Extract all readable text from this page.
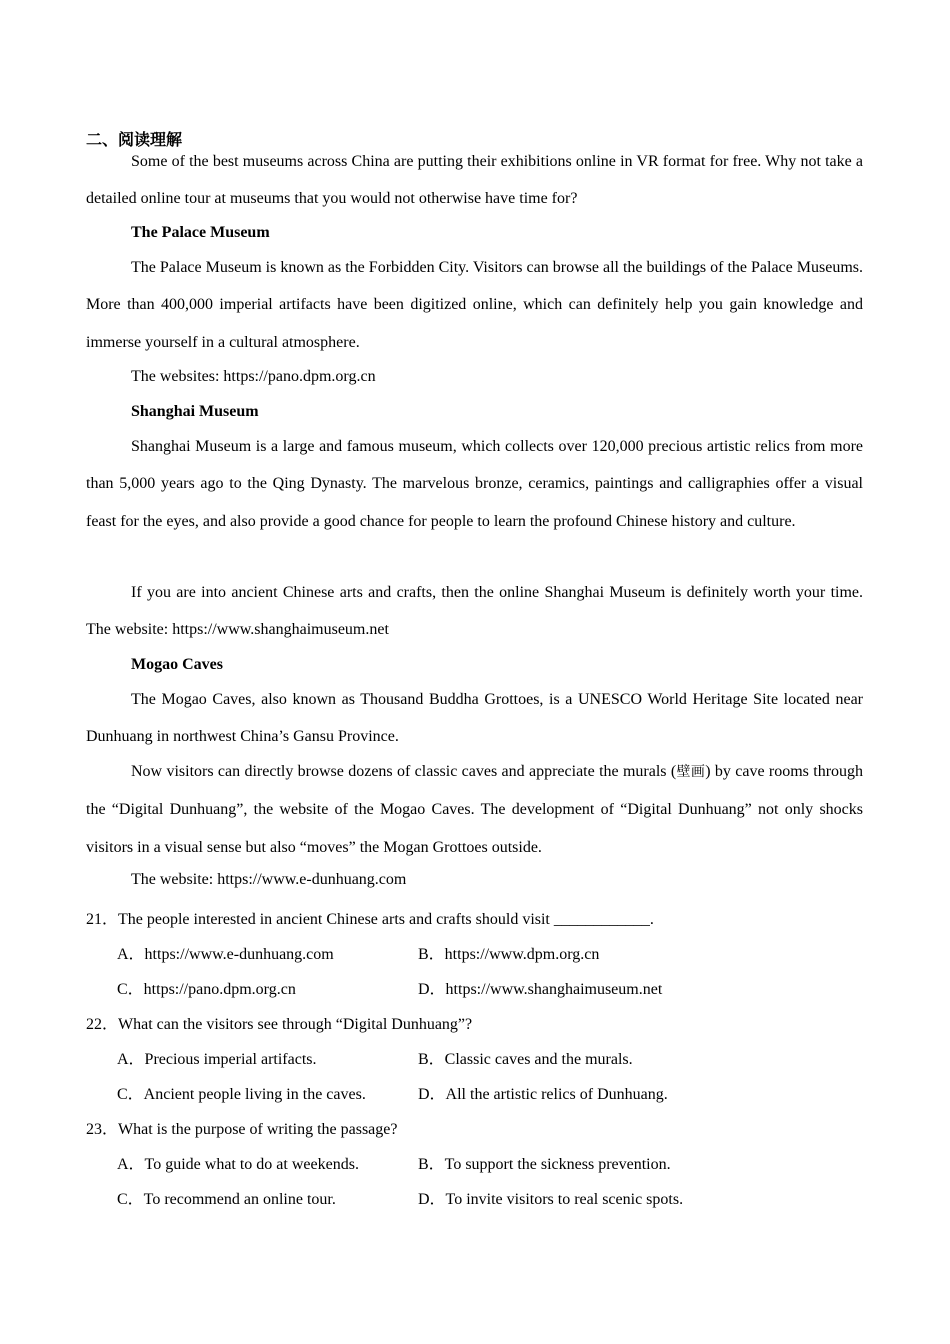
二、阅读理解

Some of the best museums across China are putting their exhibitions online in VR format for free. Why not take a detailed online tour at museums that you would not otherwise have time for?

The Palace Museum

The Palace Museum is known as the Forbidden City. Visitors can browse all the buildings of the Palace Museums. More than 400,000 imperial artifacts have been digitized online, which can definitely help you gain knowledge and immerse yourself in a cultural atmosphere.

The websites: https://pano.dpm.org.cn
Shanghai Museum

Shanghai Museum is a large and famous museum, which collects over 120,000 precious artistic relics from more than 5,000 years ago to the Qing Dynasty. The marvelous bronze, ceramics, paintings and calligraphies offer a visual feast for the eyes, and also provide a good chance for people to learn the profound Chinese history and culture.

If you are into ancient Chinese arts and crafts, then the online Shanghai Museum is definitely worth your time. The website: https://www.shanghaimuseum.net

Mogao Caves

The Mogao Caves, also known as Thousand Buddha Grottoes, is a UNESCO World Heritage Site located near Dunhuang in northwest China’s Gansu Province.

Now visitors can directly browse dozens of classic caves and appreciate the murals (壁画) by cave rooms through the “Digital Dunhuang”, the website of the Mogao Caves. The development of “Digital Dunhuang” not only shocks visitors in a visual sense but also “moves” the Mogan Grottoes outside.

The website: https://www.e-dunhuang.com
21．The people interested in ancient Chinese arts and crafts should visit ____________.
A．https://www.e-dunhuang.com	B．https://www.dpm.org.cn
C．https://pano.dpm.org.cn	D．https://www.shanghaimuseum.net
22．What can the visitors see through “Digital Dunhuang”?
A．Precious imperial artifacts.	B．Classic caves and the murals.
C．Ancient people living in the caves.	D．All the artistic relics of Dunhuang.
23．What is the purpose of writing the passage?
A．To guide what to do at weekends.	B．To support the sickness prevention.
C．To recommend an online tour.	D．To invite visitors to real scenic spots.
